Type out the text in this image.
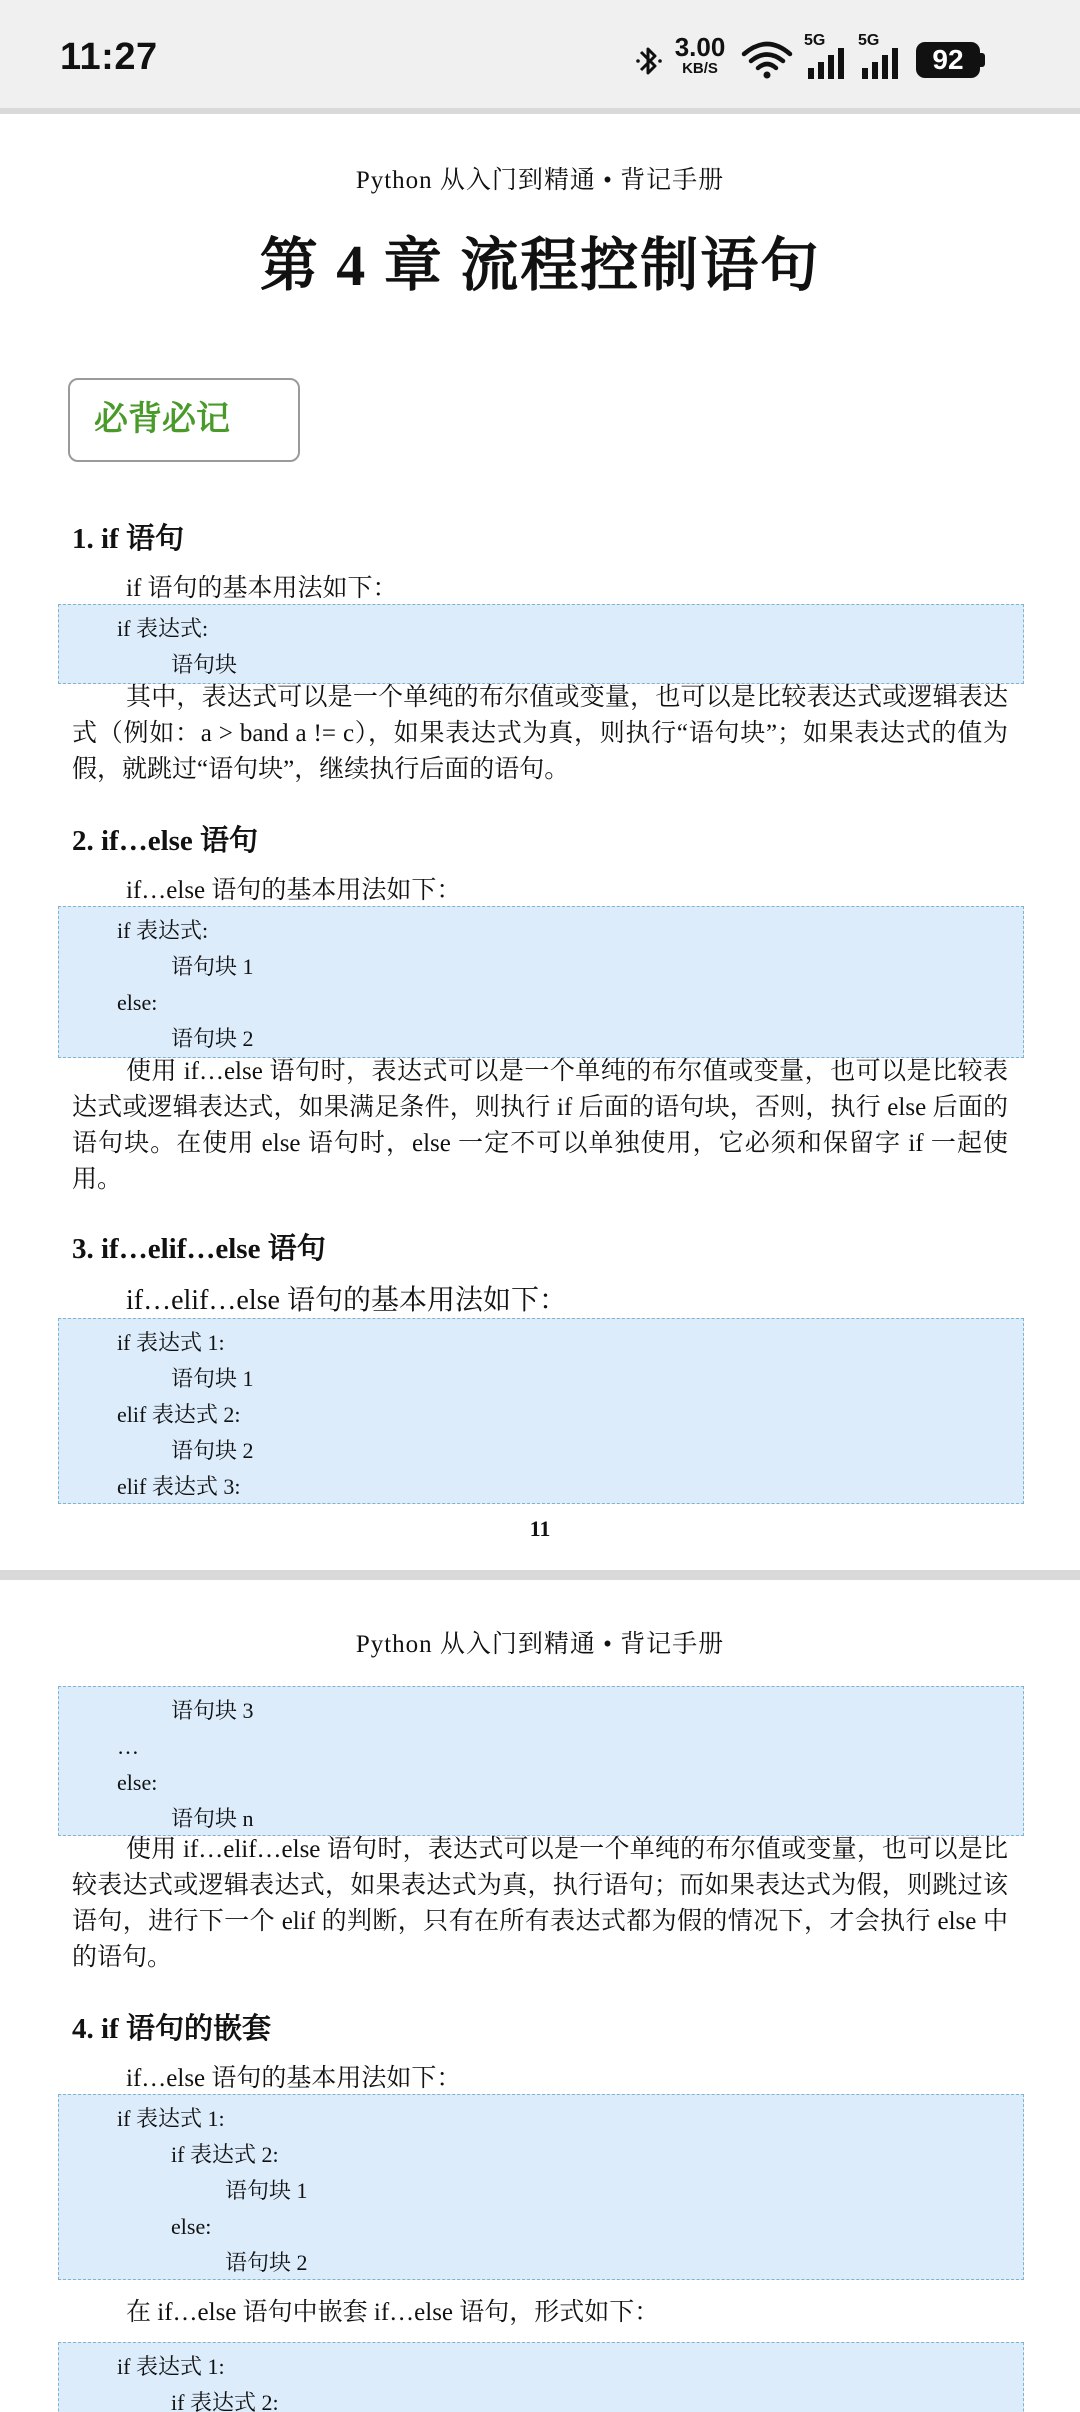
11:27	3.00
KB/S
5G 5G
92
Python 从入门到精通 • 背记手册
第 4 章 流程控制语句
必背必记
1. if 语句
if 语句的基本用法如下：
if 表达式:
语句块

其中，表达式可以是一个单纯的布尔值或变量，也可以是比较表达式或逻辑表达式（例如：a > band a != c），如果表达式为真，则执行“语句块”；如果表达式的值为假，就跳过“语句块”，继续执行后面的语句。

2. if…else 语句
if…else 语句的基本用法如下：
if 表达式:
语句块 1
else:
语句块 2

使用 if…else 语句时，表达式可以是一个单纯的布尔值或变量，也可以是比较表达式或逻辑表达式，如果满足条件，则执行 if 后面的语句块，否则，执行 else 后面的语句块。在使用 else 语句时，else 一定不可以单独使用，它必须和保留字 if 一起使用。

3. if…elif…else 语句
if…elif…else 语句的基本用法如下：
if 表达式 1:
语句块 1
elif 表达式 2:
语句块 2
elif 表达式 3:
11
Python 从入门到精通 • 背记手册
语句块 3
…
else:
语句块 n

使用 if…elif…else 语句时，表达式可以是一个单纯的布尔值或变量，也可以是比较表达式或逻辑表达式，如果表达式为真，执行语句；而如果表达式为假，则跳过该语句，进行下一个 elif 的判断，只有在所有表达式都为假的情况下，才会执行 else 中的语句。

4. if 语句的嵌套
if…else 语句的基本用法如下：
if 表达式 1:
if 表达式 2:
语句块 1
else:
语句块 2
在 if…else 语句中嵌套 if…else 语句，形式如下：
if 表达式 1:
if 表达式 2:
